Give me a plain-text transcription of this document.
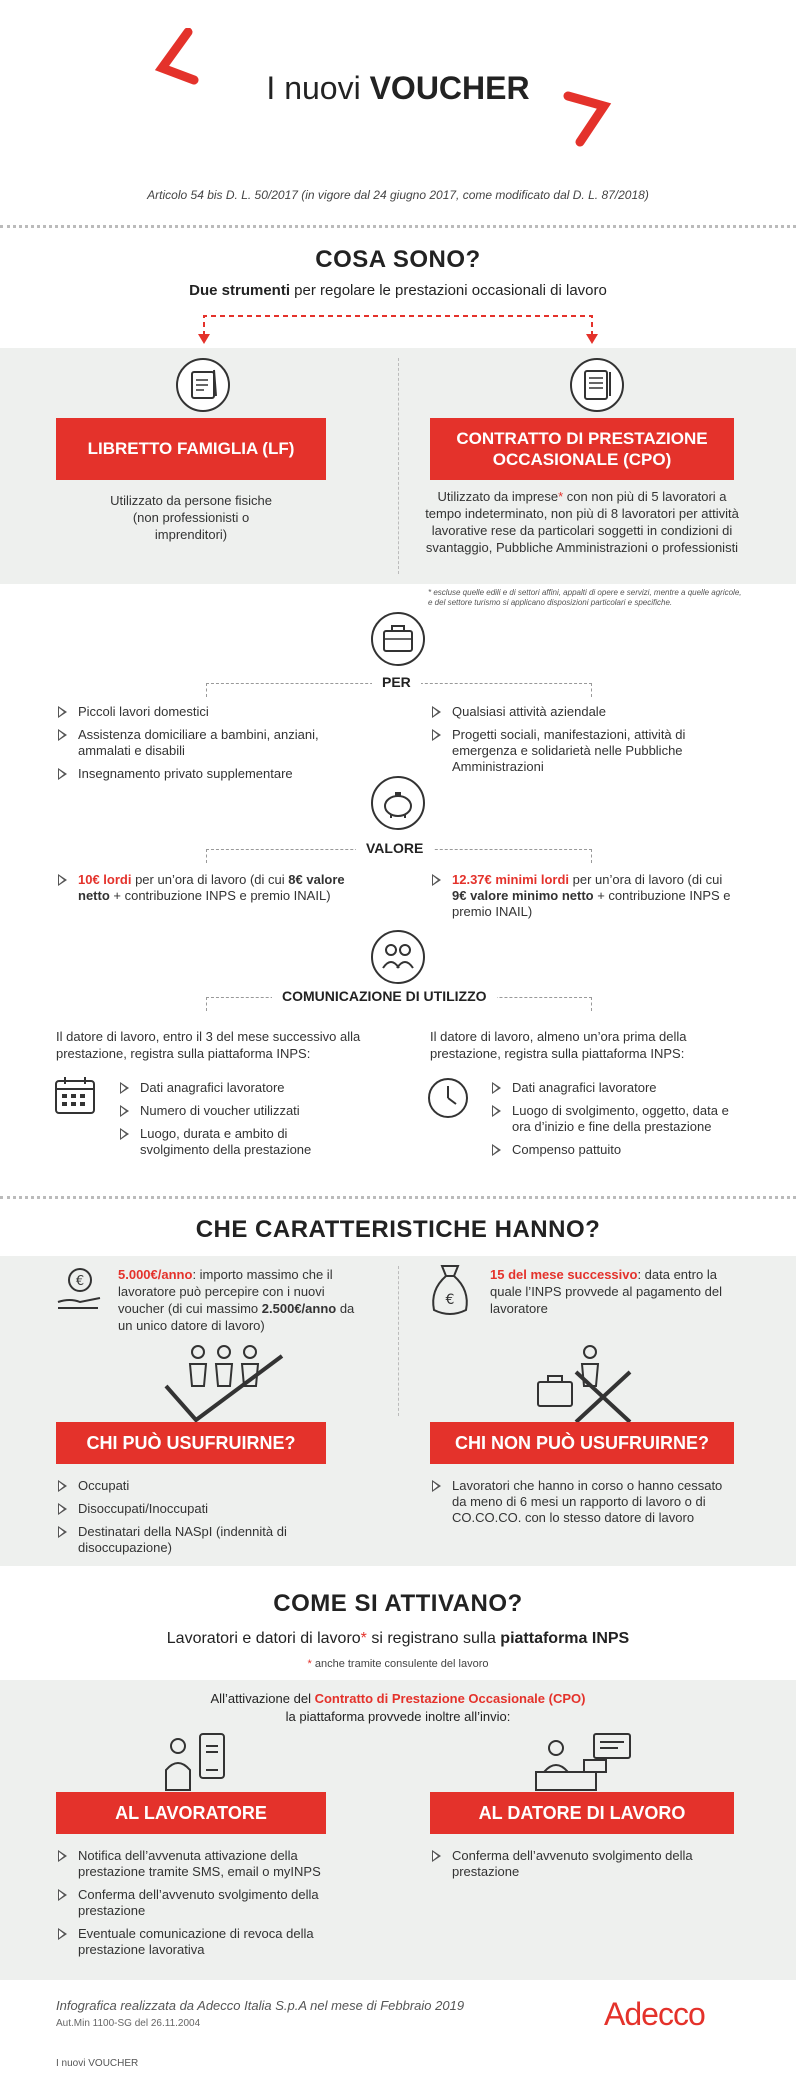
I nuovi VOUCHER
Articolo 54 bis D. L. 50/2017 (in vigore dal 24 giugno 2017, come modificato dal D. L. 87/2018)
COSA SONO?
Due strumenti per regolare le prestazioni occasionali di lavoro
LIBRETTO FAMIGLIA (LF)
CONTRATTO DI PRESTAZIONE OCCASIONALE (CPO)
Utilizzato da persone fisiche (non professionisti o imprenditori)
Utilizzato da imprese* con non più di 5 lavoratori a tempo indeterminato, non più di 8 lavoratori per attività lavorative rese da particolari soggetti in condizioni di svantaggio, Pubbliche Amministrazioni o professionisti
* escluse quelle edili e di settori affini, appalti di opere e servizi, mentre a quelle agricole, e del settore turismo si applicano disposizioni particolari e specifiche.
PER
Piccoli lavori domestici
Assistenza domiciliare a bambini, anziani, ammalati e disabili
Insegnamento privato supplementare
Qualsiasi attività aziendale
Progetti sociali, manifestazioni, attività di emergenza e solidarietà nelle Pubbliche Amministrazioni
VALORE
10€ lordi per un’ora di lavoro (di cui 8€ valore netto + contribuzione INPS e premio INAIL)
12.37€ minimi lordi per un’ora di lavoro (di cui 9€ valore minimo netto + contribuzione INPS e premio INAIL)
COMUNICAZIONE DI UTILIZZO
Il datore di lavoro, entro il 3 del mese successivo alla prestazione, registra sulla piattaforma INPS:
Dati anagrafici lavoratore
Numero di voucher utilizzati
Luogo, durata e ambito di svolgimento della prestazione
Il datore di lavoro, almeno un’ora prima della prestazione, registra sulla piattaforma INPS:
Dati anagrafici lavoratore
Luogo di svolgimento, oggetto, data e ora d’inizio e fine della prestazione
Compenso pattuito
CHE CARATTERISTICHE HANNO?
€	5.000€/anno: importo massimo che il lavoratore può percepire con i nuovi voucher (di cui massimo 2.500€/anno da un unico datore di lavoro)
€
15 del mese successivo: data entro la quale l’INPS provvede al pagamento del lavoratore
CHI PUÒ USUFRUIRNE?	CHI NON PUÒ USUFRUIRNE?
Occupati
Disoccupati/Inoccupati
Destinatari della NASpI (indennità di disoccupazione)
Lavoratori che hanno in corso o hanno cessato da meno di 6 mesi un rapporto di lavoro o di CO.CO.CO. con lo stesso datore di lavoro
COME SI ATTIVANO?
Lavoratori e datori di lavoro* si registrano sulla piattaforma INPS
* anche tramite consulente del lavoro
All’attivazione del Contratto di Prestazione Occasionale (CPO)
la piattaforma provvede inoltre all’invio:
AL LAVORATORE	AL DATORE DI LAVORO
Notifica dell’avvenuta attivazione della prestazione tramite SMS, email o myINPS
Conferma dell’avvenuto svolgimento della prestazione
Eventuale comunicazione di revoca della prestazione lavorativa
Conferma dell’avvenuto svolgimento della prestazione
Infografica realizzata da Adecco Italia S.p.A nel mese di Febbraio 2019
Aut.Min 1100-SG del 26.11.2004	Adecco
I nuovi VOUCHER
